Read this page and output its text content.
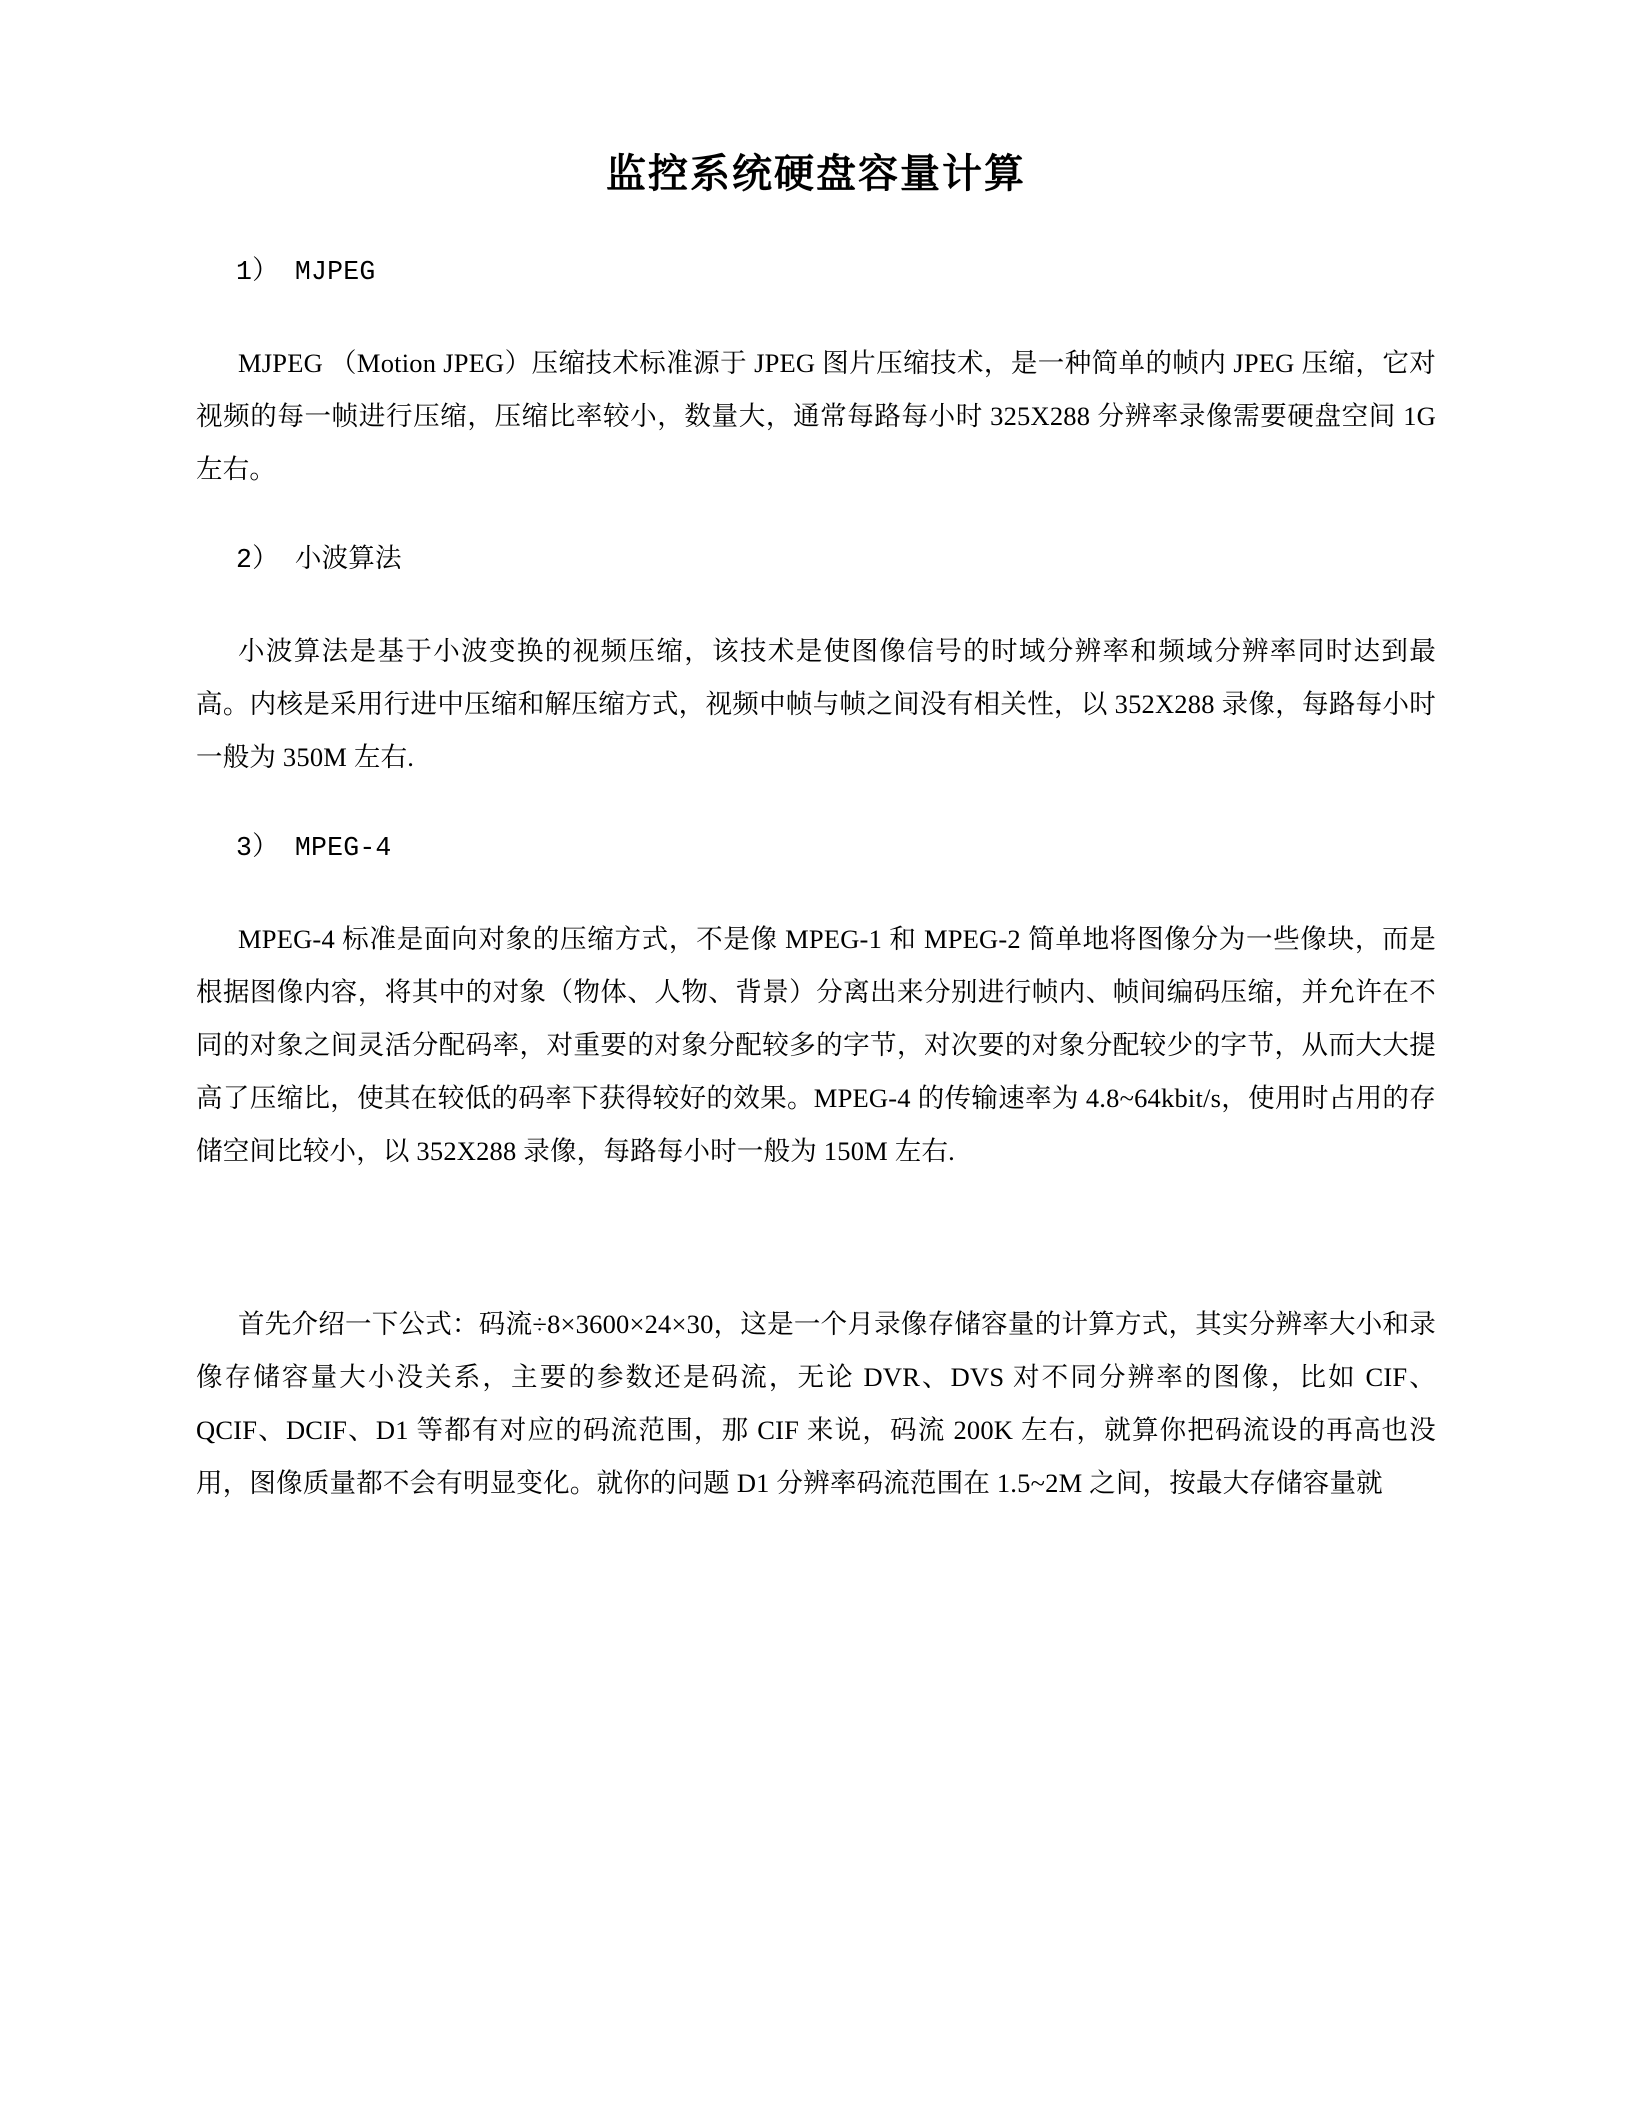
监控系统硬盘容量计算

1） MJPEG

MJPEG （Motion JPEG）压缩技术标准源于 JPEG 图片压缩技术，是一种简单的帧内 JPEG 压缩，它对视频的每一帧进行压缩，压缩比率较小，数量大，通常每路每小时 325X288 分辨率录像需要硬盘空间 1G 左右。

2） 小波算法

小波算法是基于小波变换的视频压缩，该技术是使图像信号的时域分辨率和频域分辨率同时达到最高。内核是采用行进中压缩和解压缩方式，视频中帧与帧之间没有相关性，以 352X288 录像，每路每小时一般为 350M 左右.

3） MPEG-4

MPEG-4 标准是面向对象的压缩方式，不是像 MPEG-1 和 MPEG-2 简单地将图像分为一些像块，而是根据图像内容，将其中的对象（物体、人物、背景）分离出来分别进行帧内、帧间编码压缩，并允许在不同的对象之间灵活分配码率，对重要的对象分配较多的字节，对次要的对象分配较少的字节，从而大大提高了压缩比，使其在较低的码率下获得较好的效果。MPEG-4 的传输速率为 4.8~64kbit/s，使用时占用的存储空间比较小，以 352X288 录像，每路每小时一般为 150M 左右.

首先介绍一下公式：码流÷8×3600×24×30，这是一个月录像存储容量的计算方式，其实分辨率大小和录像存储容量大小没关系，主要的参数还是码流，无论 DVR、DVS 对不同分辨率的图像，比如 CIF、QCIF、DCIF、D1 等都有对应的码流范围，那 CIF 来说，码流 200K 左右，就算你把码流设的再高也没用，图像质量都不会有明显变化。就你的问题 D1 分辨率码流范围在 1.5~2M 之间，按最大存储容量就
